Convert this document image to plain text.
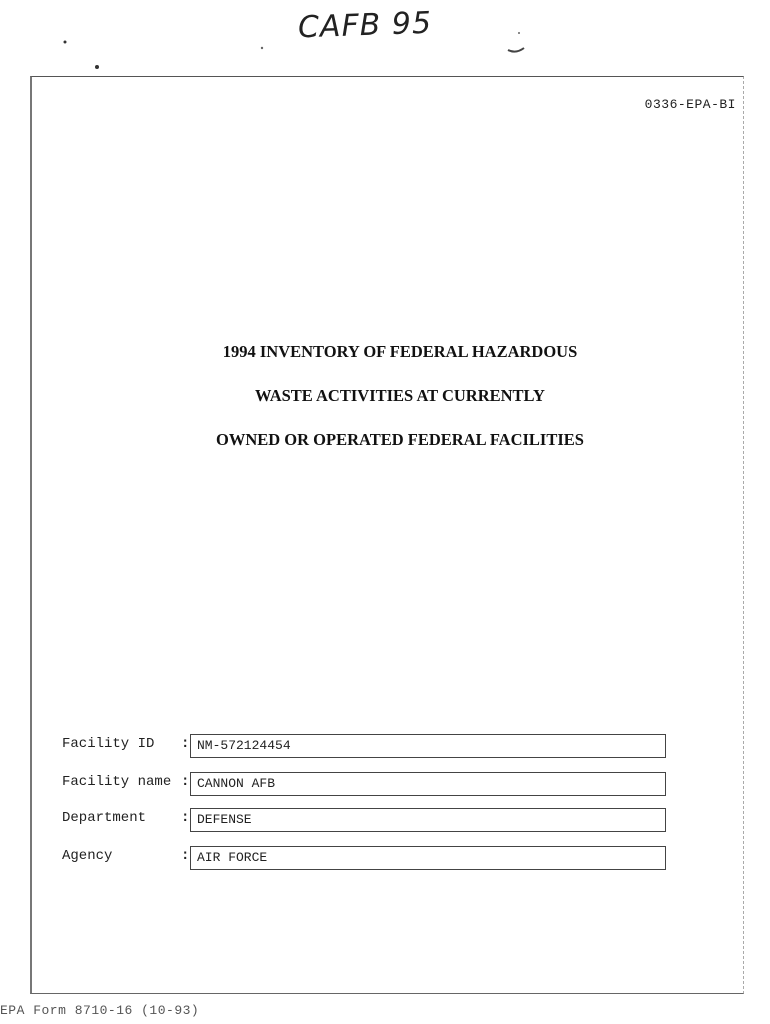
CAFB 95
0336-EPA-BI
1994 INVENTORY OF FEDERAL HAZARDOUS
WASTE ACTIVITIES AT CURRENTLY
OWNED OR OPERATED FEDERAL FACILITIES
Facility ID : NM-572124454
Facility name : CANNON AFB
Department : DEFENSE
Agency	: AIR FORCE
EPA Form 8710-16 (10-93)
